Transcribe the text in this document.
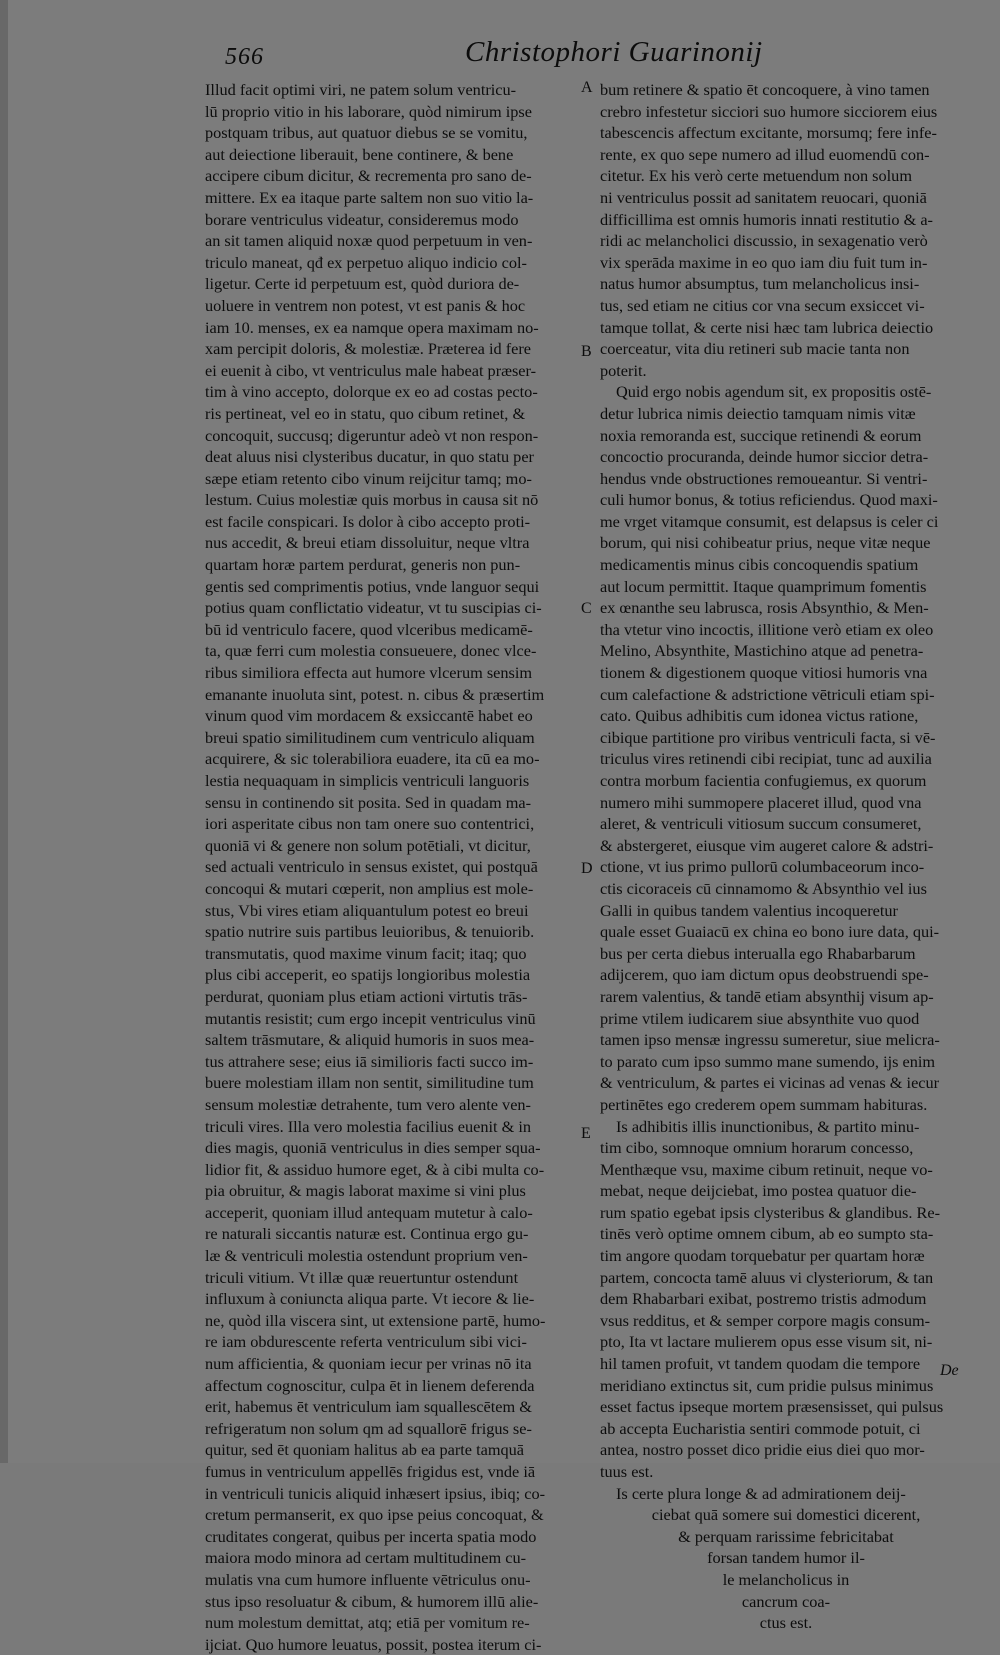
566	Christophori Guarinonij
Illud facit optimi viri, ne patem solum ventricu-
lū proprio vitio in his laborare, quòd nimirum ipse
postquam tribus, aut quatuor diebus se se vomitu,
aut deiectione liberauit, bene continere, & bene
accipere cibum dicitur, & recrementa pro sano de-
mittere. Ex ea itaque parte saltem non suo vitio la-
borare ventriculus videatur, consideremus modo
an sit tamen aliquid noxæ quod perpetuum in ven-
triculo maneat, qđ ex perpetuo aliquo indicio col-
ligetur. Certe id perpetuum est, quòd duriora de-
uoluere in ventrem non potest, vt est panis & hoc
iam 10. menses, ex ea namque opera maximam no-
xam percipit doloris, & molestiæ. Præterea id fere
ei euenit à cibo, vt ventriculus male habeat præser-
tim à vino accepto, dolorque ex eo ad costas pecto-
ris pertineat, vel eo in statu, quo cibum retinet, &
concoquit, succusq; digeruntur adeò vt non respon-
deat aluus nisi clysteribus ducatur, in quo statu per
sæpe etiam retento cibo vinum reijcitur tamq; mo-
lestum. Cuius molestiæ quis morbus in causa sit nō
est facile conspicari. Is dolor à cibo accepto proti-
nus accedit, & breui etiam dissoluitur, neque vltra
quartam horæ partem perdurat, generis non pun-
gentis sed comprimentis potius, vnde languor sequi
potius quam conflictatio videatur, vt tu suscipias ci-
bū id ventriculo facere, quod vlceribus medicamē-
ta, quæ ferri cum molestia consueuere, donec vlce-
ribus similiora effecta aut humore vlcerum sensim
emanante inuoluta sint, potest. n. cibus & præsertim
vinum quod vim mordacem & exsiccantē habet eo
breui spatio similitudinem cum ventriculo aliquam
acquirere, & sic tolerabiliora euadere, ita cū ea mo-
lestia nequaquam in simplicis ventriculi languoris
sensu in continendo sit posita. Sed in quadam ma-
iori asperitate cibus non tam onere suo contentrici,
quoniā vi & genere non solum potētiali, vt dicitur,
sed actuali ventriculo in sensus existet, qui postquā
concoqui & mutari cœperit, non amplius est mole-
stus, Vbi vires etiam aliquantulum potest eo breui
spatio nutrire suis partibus leuioribus, & tenuiorib.
transmutatis, quod maxime vinum facit; itaq; quo
plus cibi acceperit, eo spatijs longioribus molestia
perdurat, quoniam plus etiam actioni virtutis trās-
mutantis resistit; cum ergo incepit ventriculus vinū
saltem trāsmutare, & aliquid humoris in suos mea-
tus attrahere sese; eius iā similioris facti succo im-
buere molestiam illam non sentit, similitudine tum
sensum molestiæ detrahente, tum vero alente ven-
triculi vires. Illa vero molestia facilius euenit & in
dies magis, quoniā ventriculus in dies semper squa-
lidior fit, & assiduo humore eget, & à cibi multa co-
pia obruitur, & magis laborat maxime si vini plus
acceperit, quoniam illud antequam mutetur à calo-
re naturali siccantis naturæ est. Continua ergo gu-
læ & ventriculi molestia ostendunt proprium ven-
triculi vitium. Vt illæ quæ reuertuntur ostendunt
influxum à coniuncta aliqua parte. Vt iecore & lie-
ne, quòd illa viscera sint, ut extensione partē, humo-
re iam obdurescente referta ventriculum sibi vici-
num afficientia, & quoniam iecur per vrinas nō ita
affectum cognoscitur, culpa ēt in lienem deferenda
erit, habemus ēt ventriculum iam squallescētem &
refrigeratum non solum qm ad squallorē frigus se-
quitur, sed ēt quoniam halitus ab ea parte tamquā
fumus in ventriculum appellēs frigidus est, vnde iā
in ventriculi tunicis aliquid inhæsert ipsius, ibiq; co-
cretum permanserit, ex quo ipse peius concoquat, &
cruditates congerat, quibus per incerta spatia modo
maiora modo minora ad certam multitudinem cu-
mulatis vna cum humore influente vētriculus onu-
stus ipso resoluatur & cibum, & humorem illū alie-
num molestum demittat, atq; etiā per vomitum re-
ijciat. Quo humore leuatus, possit, postea iterum ci-
A
B
C
D
E
bum retinere & spatio ēt concoquere, à vino tamen
crebro infestetur sicciori suo humore sicciorem eius
tabescencis affectum excitante, morsumq; fere infe-
rente, ex quo sepe numero ad illud euomendū con-
citetur. Ex his verò certe metuendum non solum
ni ventriculus possit ad sanitatem reuocari, quoniā
difficillima est omnis humoris innati restitutio & a-
ridi ac melancholici discussio, in sexagenatio verò
vix sperāda maxime in eo quo iam diu fuit tum in-
natus humor absumptus, tum melancholicus insi-
tus, sed etiam ne citius cor vna secum exsiccet vi-
tamque tollat, & certe nisi hæc tam lubrica deiectio
coerceatur, vita diu retineri sub macie tanta non
poterit.
Quid ergo nobis agendum sit, ex propositis ostē-
detur lubrica nimis deiectio tamquam nimis vitæ
noxia remoranda est, succique retinendi & eorum
concoctio procuranda, deinde humor siccior detra-
hendus vnde obstructiones remoueantur. Si ventri-
culi humor bonus, & totius reficiendus. Quod maxi-
me vrget vitamque consumit, est delapsus is celer ci
borum, qui nisi cohibeatur prius, neque vitæ neque
medicamentis minus cibis concoquendis spatium
aut locum permittit. Itaque quamprimum fomentis
ex œnanthe seu labrusca, rosis Absynthio, & Men-
tha vtetur vino incoctis, illitione verò etiam ex oleo
Melino, Absynthite, Mastichino atque ad penetra-
tionem & digestionem quoque vitiosi humoris vna
cum calefactione & adstrictione vētriculi etiam spi-
cato. Quibus adhibitis cum idonea victus ratione,
cibique partitione pro viribus ventriculi facta, si vē-
triculus vires retinendi cibi recipiat, tunc ad auxilia
contra morbum facientia confugiemus, ex quorum
numero mihi summopere placeret illud, quod vna
aleret, & ventriculi vitiosum succum consumeret,
& abstergeret, eiusque vim augeret calore & adstri-
ctione, vt ius primo pullorū columbaceorum inco-
ctis cicoraceis cū cinnamomo & Absynthio vel ius
Galli in quibus tandem valentius incoqueretur
quale esset Guaiacū ex china eo bono iure data, qui-
bus per certa diebus interualla ego Rhabarbarum
adijcerem, quo iam dictum opus deobstruendi spe-
rarem valentius, & tandē etiam absynthij visum ap-
prime vtilem iudicarem siue absynthite vuo quod
tamen ipso mensæ ingressu sumeretur, siue melicra-
to parato cum ipso summo mane sumendo, ijs enim
& ventriculum, & partes ei vicinas ad venas & iecur
pertinētes ego crederem opem summam habituras.
Is adhibitis illis inunctionibus, & partito minu-
tim cibo, somnoque omnium horarum concesso,
Menthæque vsu, maxime cibum retinuit, neque vo-
mebat, neque deijciebat, imo postea quatuor die-
rum spatio egebat ipsis clysteribus & glandibus. Re-
tinēs verò optime omnem cibum, ab eo sumpto sta-
tim angore quodam torquebatur per quartam horæ
partem, concocta tamē aluus vi clysteriorum, & tan
dem Rhabarbari exibat, postremo tristis admodum
vsus redditus, et & semper corpore magis consum-
pto, Ita vt lactare mulierem opus esse visum sit, ni-
hil tamen profuit, vt tandem quodam die tempore
meridiano extinctus sit, cum pridie pulsus minimus
esset factus ipseque mortem præsensisset, qui pulsus
ab accepta Eucharistia sentiri commode potuit, ci
antea, nostro posset dico pridie eius diei quo mor-
tuus est.
Is certe plura longe & ad admirationem deij-
ciebat quā somere sui domestici dicerent,
& perquam rarissime febricitabat
forsan tandem humor il-
le melancholicus in
cancrum coa-
ctus est.
De
